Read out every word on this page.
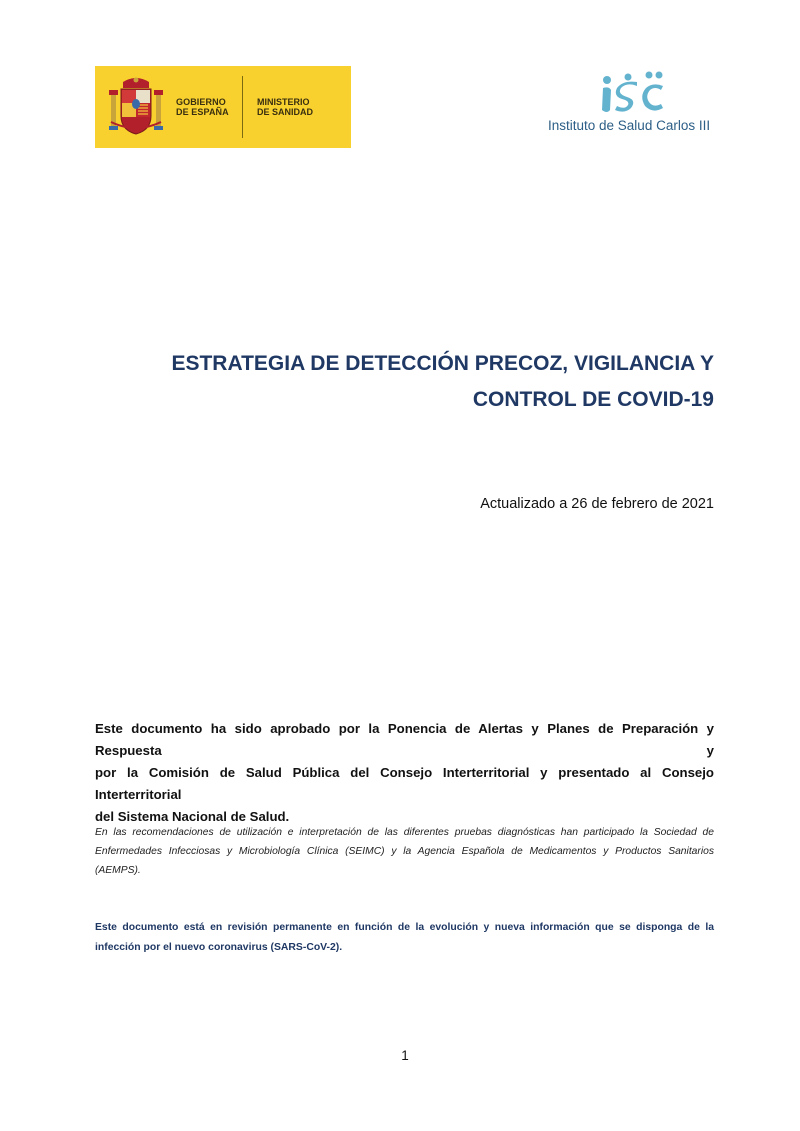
GOBIERNO
DE ESPAÑA
MINISTERIO
DE SANIDAD
Instituto de Salud Carlos III
ESTRATEGIA DE DETECCIÓN PRECOZ, VIGILANCIA Y
CONTROL DE COVID-19
Actualizado a 26 de febrero de 2021
Este documento ha sido aprobado por la Ponencia de Alertas y Planes de Preparación y Respuesta y
por la Comisión de Salud Pública del Consejo Interterritorial y presentado al Consejo Interterritorial
del Sistema Nacional de Salud.
En las recomendaciones de utilización e interpretación de las diferentes pruebas diagnósticas han participado la Sociedad de
Enfermedades Infecciosas y Microbiología Clínica (SEIMC) y la Agencia Española de Medicamentos y Productos Sanitarios
(AEMPS).
Este documento está en revisión permanente en función de la evolución y nueva información que se disponga de la
infección por el nuevo coronavirus (SARS-CoV-2).
1
